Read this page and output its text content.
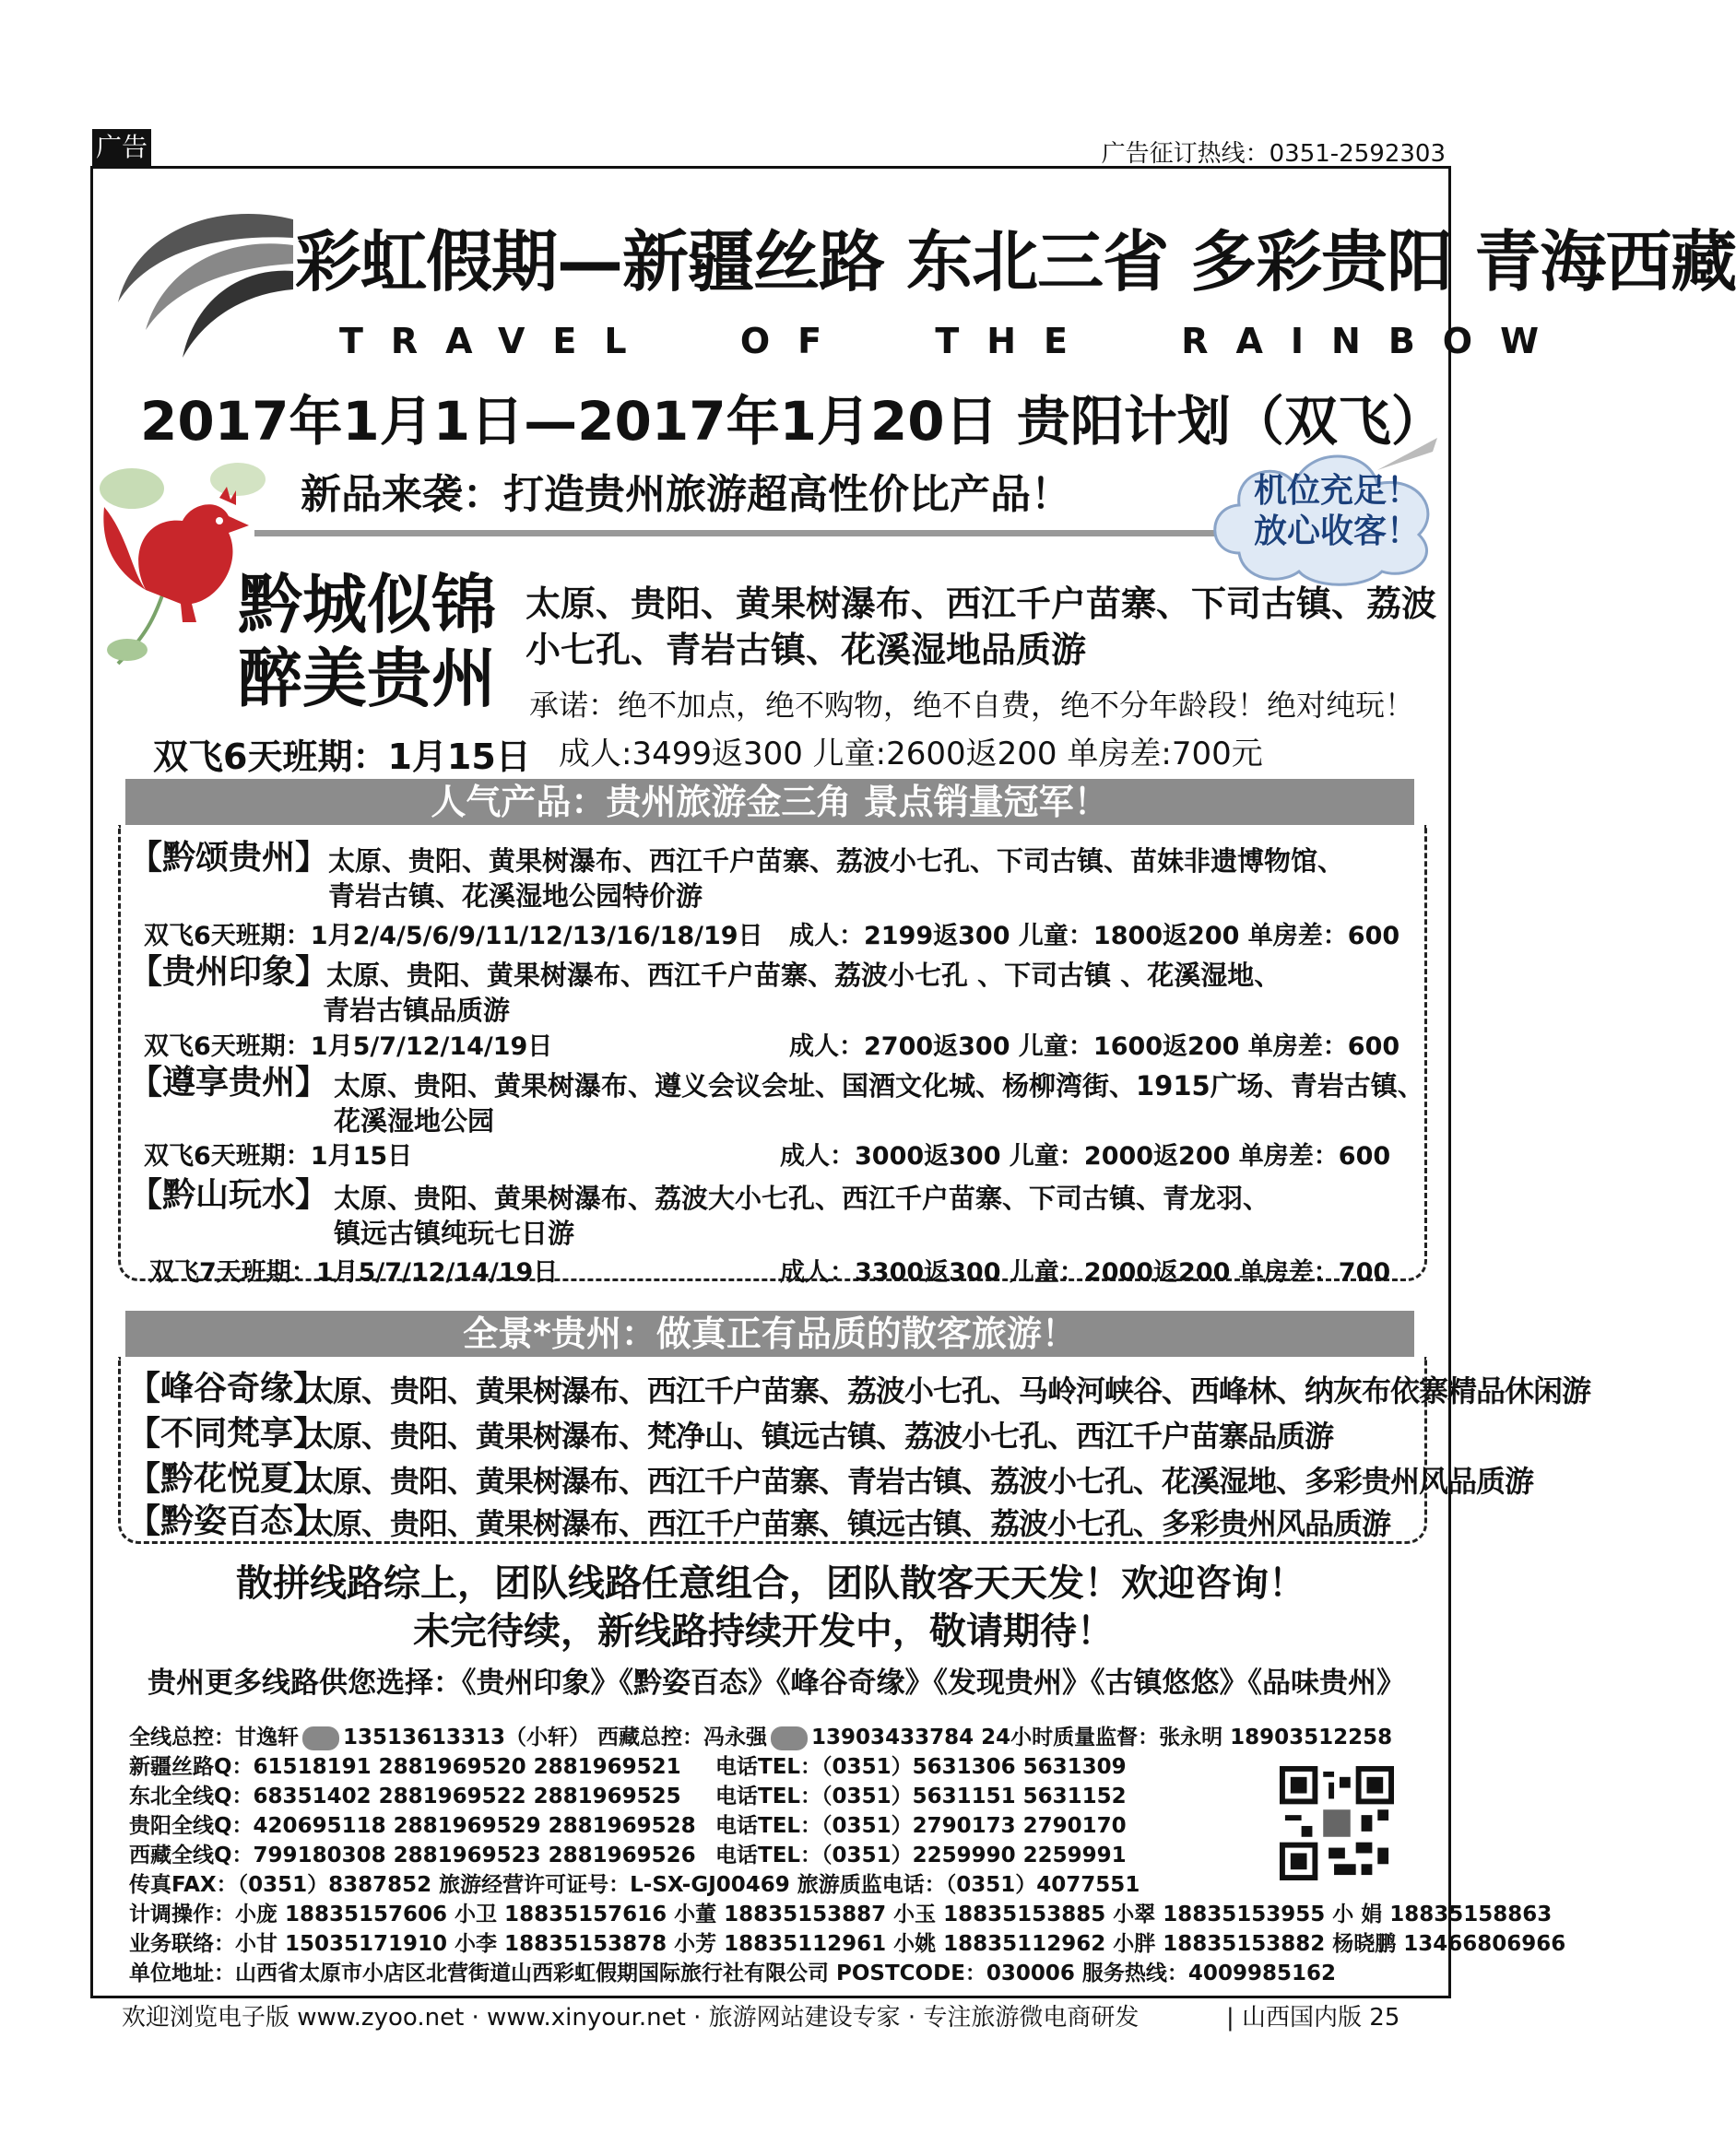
广告	广告征订热线：0351-2592303
彩虹假期—新疆丝路 东北三省 多彩贵阳 青海西藏
TRAVEL OF THE RAINBOW
2017年1月1日—2017年1月20日 贵阳计划（双飞）
新品来袭：打造贵州旅游超高性价比产品！	机位充足！
放心收客！
黔城似锦
醉美贵州
太原、贵阳、黄果树瀑布、西江千户苗寨、下司古镇、荔波小七孔、青岩古镇、花溪湿地品质游
承诺：绝不加点，绝不购物，绝不自费，绝不分年龄段！绝对纯玩！
双飞6天班期：1月15日 成人:3499返300 儿童:2600返200 单房差:700元
人气产品：贵州旅游金三角 景点销量冠军！
【黔颂贵州】 太原、贵阳、黄果树瀑布、西江千户苗寨、荔波小七孔、下司古镇、苗妹非遗博物馆、
青岩古镇、花溪湿地公园特价游
双飞6天班期：1月2/4/5/6/9/11/12/13/16/18/19日 成人：2199返300 儿童：1800返200 单房差：600
【贵州印象】
太原、贵阳、黄果树瀑布、西江千户苗寨、荔波小七孔 、下司古镇 、花溪湿地、
青岩古镇品质游
双飞6天班期：1月5/7/12/14/19日	成人：2700返300 儿童：1600返200 单房差：600
【遵享贵州】 太原、贵阳、黄果树瀑布、遵义会议会址、国酒文化城、杨柳湾街、1915广场、青岩古镇、
花溪湿地公园
双飞6天班期：1月15日	成人：3000返300 儿童：2000返200 单房差：600
【黔山玩水】 太原、贵阳、黄果树瀑布、荔波大小七孔、西江千户苗寨、下司古镇、青龙羽、
镇远古镇纯玩七日游
双飞7天班期：1月5/7/12/14/19日	成人：3300返300 儿童：2000返200 单房差：700
全景*贵州：做真正有品质的散客旅游！
【峰谷奇缘】
太原、贵阳、黄果树瀑布、西江千户苗寨、荔波小七孔、马岭河峡谷、西峰林、纳灰布依寨精品休闲游
【不同梵享】
太原、贵阳、黄果树瀑布、梵净山、镇远古镇、荔波小七孔、西江千户苗寨品质游
【黔花悦夏】
太原、贵阳、黄果树瀑布、西江千户苗寨、青岩古镇、荔波小七孔、花溪湿地、多彩贵州风品质游
【黔姿百态】
太原、贵阳、黄果树瀑布、西江千户苗寨、镇远古镇、荔波小七孔、多彩贵州风品质游
散拼线路综上，团队线路任意组合，团队散客天天发！欢迎咨询！
未完待续，新线路持续开发中，敬请期待！
贵州更多线路供您选择：《贵州印象》《黔姿百态》《峰谷奇缘》《发现贵州》《古镇悠悠》《品味贵州》
全线总控：甘逸轩 13513613313（小轩） 西藏总控：冯永强 13903433784 24小时质量监督：张永明 18903512258
新疆丝路Q：61518191 2881969520 2881969521 电话TEL：（0351）5631306 5631309
东北全线Q：68351402 2881969522 2881969525 电话TEL：（0351）5631151 5631152
贵阳全线Q：420695118 2881969529 2881969528 电话TEL：（0351）2790173 2790170
西藏全线Q：799180308 2881969523 2881969526 电话TEL：（0351）2259990 2259991
传真FAX：（0351）8387852 旅游经营许可证号：L-SX-GJ00469 旅游质监电话：（0351）4077551
计调操作：小庞 18835157606 小卫 18835157616 小董 18835153887 小玉 18835153885 小翠 18835153955 小 娟 18835158863
业务联络：小甘 15035171910 小李 18835153878 小芳 18835112961 小姚 18835112962 小胖 18835153882 杨晓鹏 13466806966
单位地址：山西省太原市小店区北营街道山西彩虹假期国际旅行社有限公司 POSTCODE：030006 服务热线：4009985162
欢迎浏览电子版 www.zyoo.net · www.xinyour.net · 旅游网站建设专家 · 专注旅游微电商研发	| 山西国内版 25
